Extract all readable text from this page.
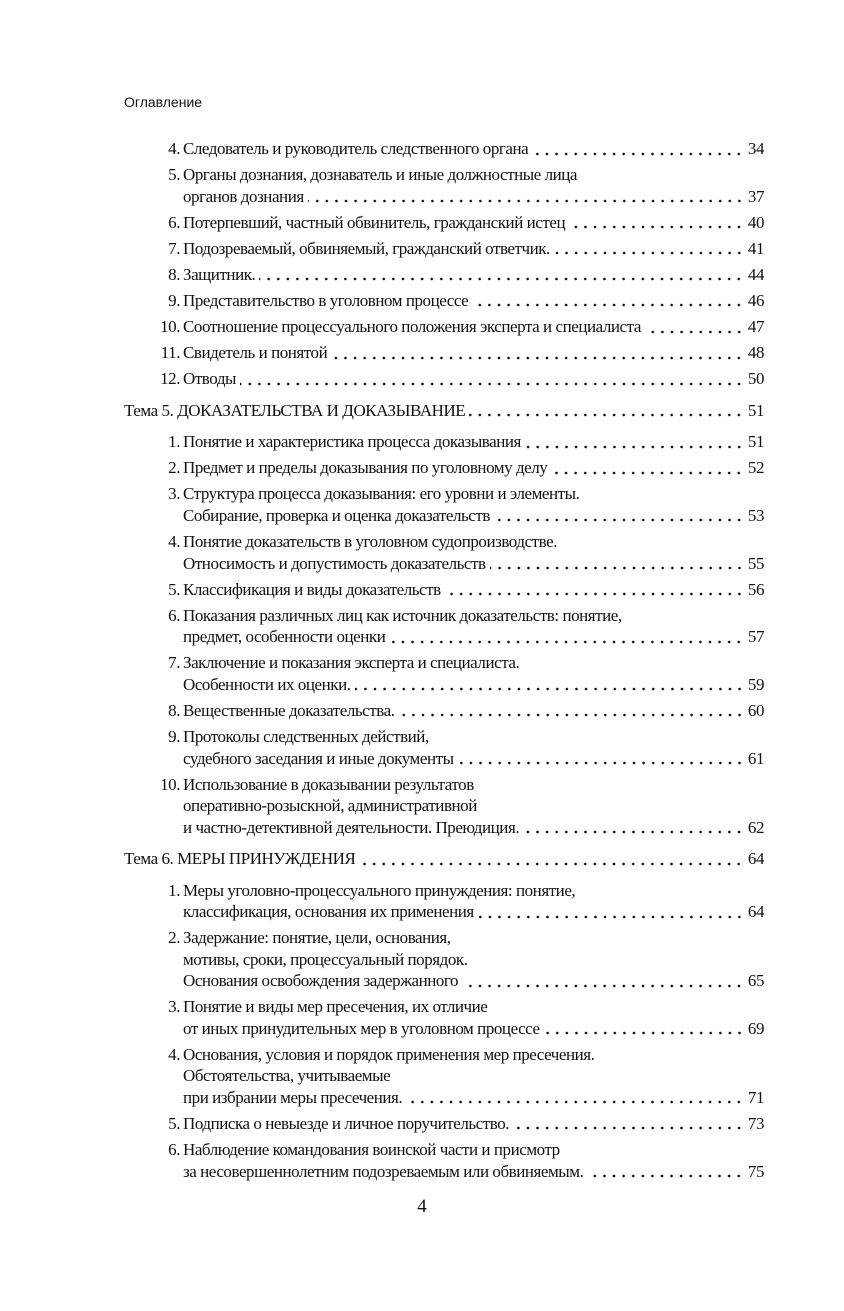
Оглавление
4. Следователь и руководитель следственного органа	34
5. Органы дознания, дознаватель и иные должностные лица
органов дознания	37
6. Потерпевший, частный обвинитель, гражданский истец	40
7. Подозреваемый, обвиняемый, гражданский ответчик.	41
8. Защитник.	44
9. Представительство в уголовном процессе	46
10. Соотношение процессуального положения эксперта и специалиста	47
11. Свидетель и понятой	48
12. Отводы	50
Тема 5. ДОКАЗАТЕЛЬСТВА И ДОКАЗЫВАНИЕ	51
1. Понятие и характеристика процесса доказывания	51
2. Предмет и пределы доказывания по уголовному делу	52
3. Структура процесса доказывания: его уровни и элементы.
Собирание, проверка и оценка доказательств	53
4. Понятие доказательств в уголовном судопроизводстве.
Относимость и допустимость доказательств	55
5. Классификация и виды доказательств	56
6. Показания различных лиц как источник доказательств: понятие,
предмет, особенности оценки	57
7. Заключение и показания эксперта и специалиста.
Особенности их оценки.	59
8. Вещественные доказательства.	60
9. Протоколы следственных действий,
судебного заседания и иные документы	61
10. Использование в доказывании результатов
оперативно-розыскной, административной
и частно-детективной деятельности. Преюдиция.	62
Тема 6. МЕРЫ ПРИНУЖДЕНИЯ	64
1. Меры уголовно-процессуального принуждения: понятие,
классификация, основания их применения	64
2. Задержание: понятие, цели, основания,
мотивы, сроки, процессуальный порядок.
Основания освобождения задержанного	65
3. Понятие и виды мер пресечения, их отличие
от иных принудительных мер в уголовном процессе	69
4. Основания, условия и порядок применения мер пресечения.
Обстоятельства, учитываемые
при избрании меры пресечения.	71
5. Подписка о невыезде и личное поручительство.	73
6. Наблюдение командования воинской части и присмотр
за несовершеннолетним подозреваемым или обвиняемым.	75
4
